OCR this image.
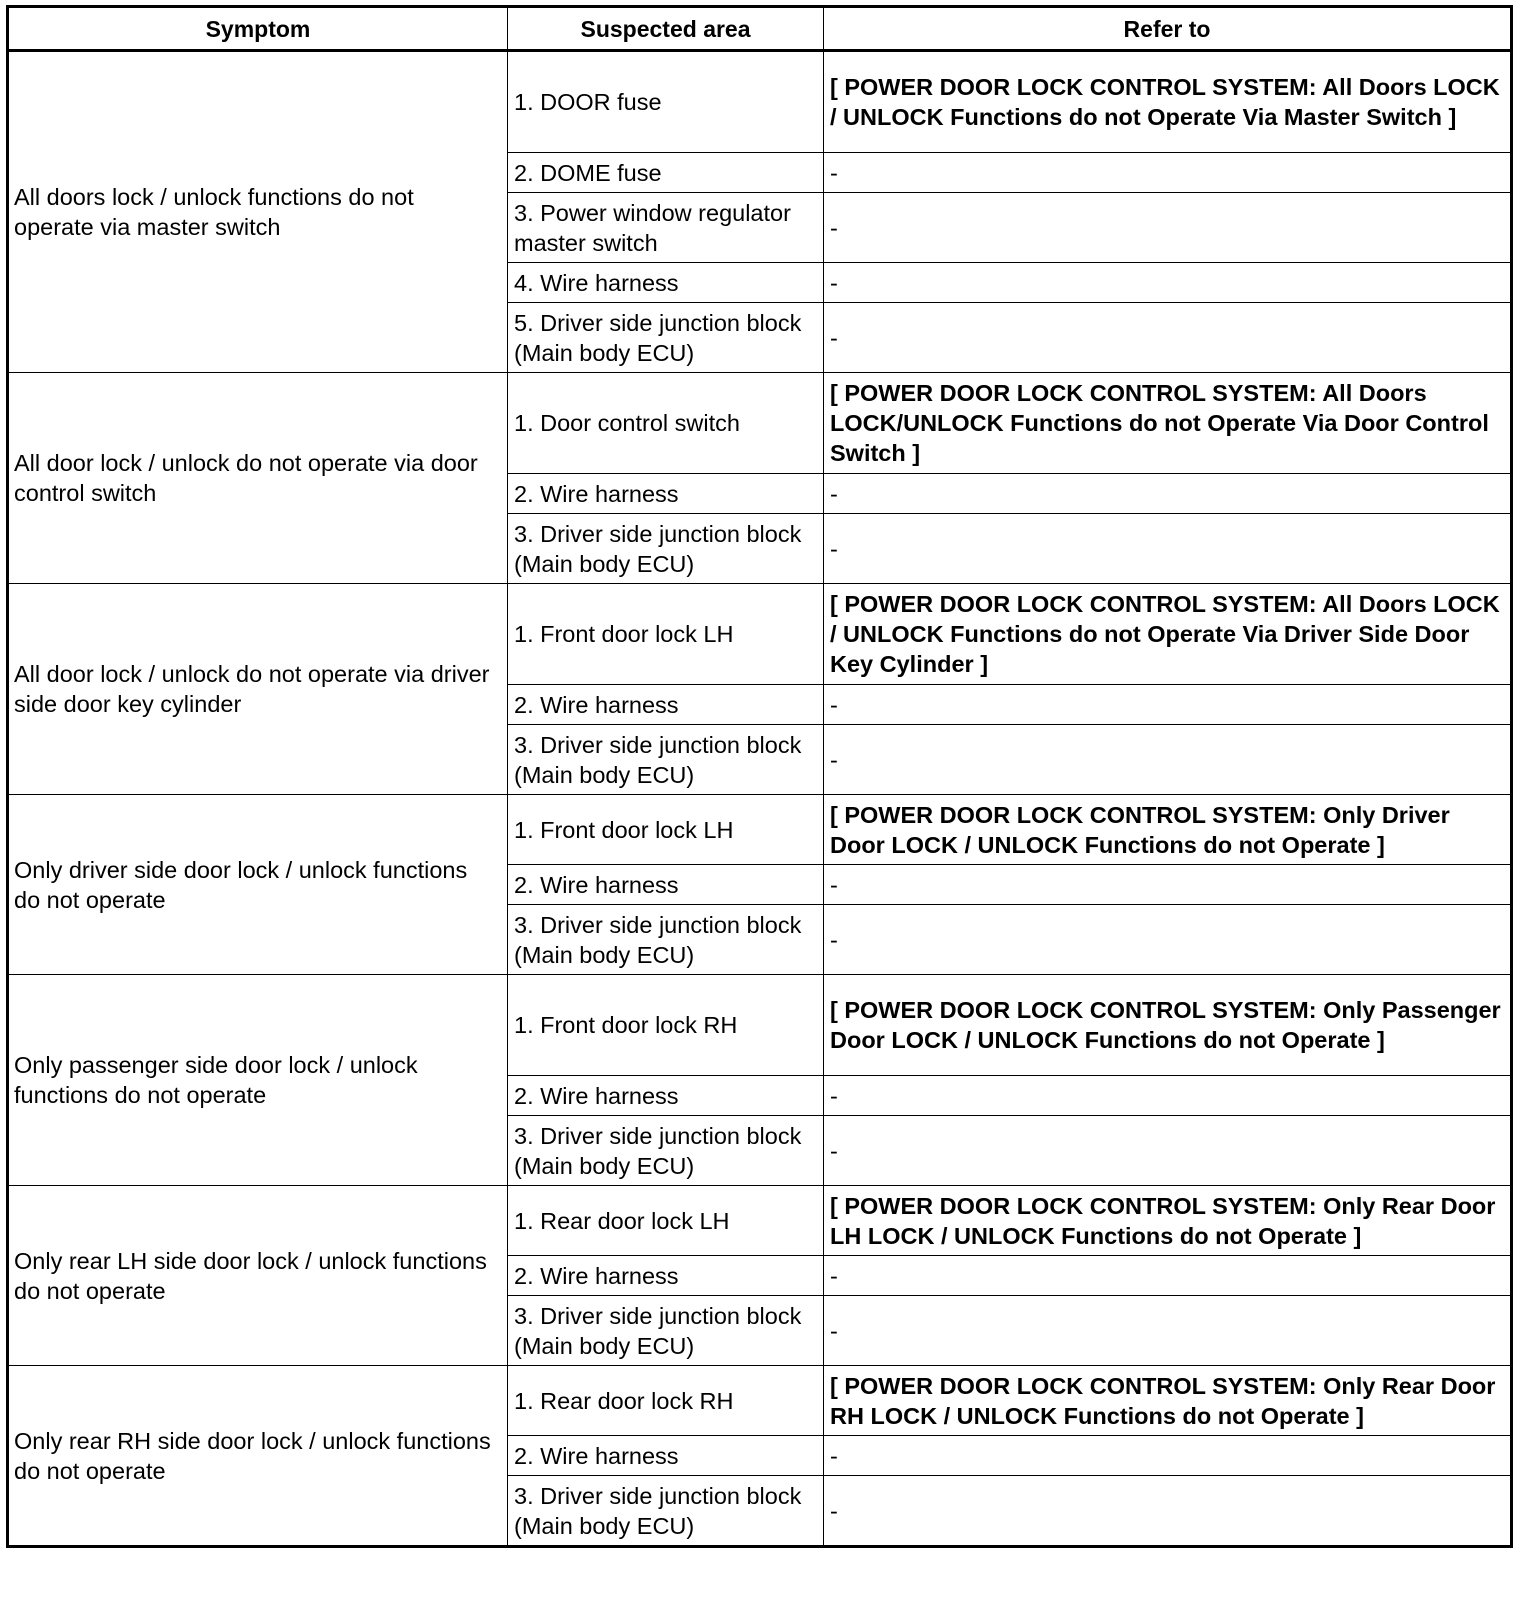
Symptom	Suspected area	Refer to
All doors lock / unlock functions do not operate via master switch	1. DOOR fuse	[ POWER DOOR LOCK CONTROL SYSTEM: All Doors LOCK / UNLOCK Functions do not Operate Via Master Switch ]
	2. DOME fuse	-
	3. Power window regulator master switch	-
	4. Wire harness	-
	5. Driver side junction block (Main body ECU)	-
All door lock / unlock do not operate via door control switch	1. Door control switch	[ POWER DOOR LOCK CONTROL SYSTEM: All Doors LOCK/UNLOCK Functions do not Operate Via Door Control Switch ]
	2. Wire harness	-
	3. Driver side junction block (Main body ECU)	-
All door lock / unlock do not operate via driver side door key cylinder	1. Front door lock LH	[ POWER DOOR LOCK CONTROL SYSTEM: All Doors LOCK / UNLOCK Functions do not Operate Via Driver Side Door Key Cylinder ]
	2. Wire harness	-
	3. Driver side junction block (Main body ECU)	-
Only driver side door lock / unlock functions do not operate	1. Front door lock LH	[ POWER DOOR LOCK CONTROL SYSTEM: Only Driver Door LOCK / UNLOCK Functions do not Operate ]
	2. Wire harness	-
	3. Driver side junction block (Main body ECU)	-
Only passenger side door lock / unlock functions do not operate	1. Front door lock RH	[ POWER DOOR LOCK CONTROL SYSTEM: Only Passenger Door LOCK / UNLOCK Functions do not Operate ]
	2. Wire harness	-
	3. Driver side junction block (Main body ECU)	-
Only rear LH side door lock / unlock functions do not operate	1. Rear door lock LH	[ POWER DOOR LOCK CONTROL SYSTEM: Only Rear Door LH LOCK / UNLOCK Functions do not Operate ]
	2. Wire harness	-
	3. Driver side junction block (Main body ECU)	-
Only rear RH side door lock / unlock functions do not operate	1. Rear door lock RH	[ POWER DOOR LOCK CONTROL SYSTEM: Only Rear Door RH LOCK / UNLOCK Functions do not Operate ]
	2. Wire harness	-
	3. Driver side junction block (Main body ECU)	-
